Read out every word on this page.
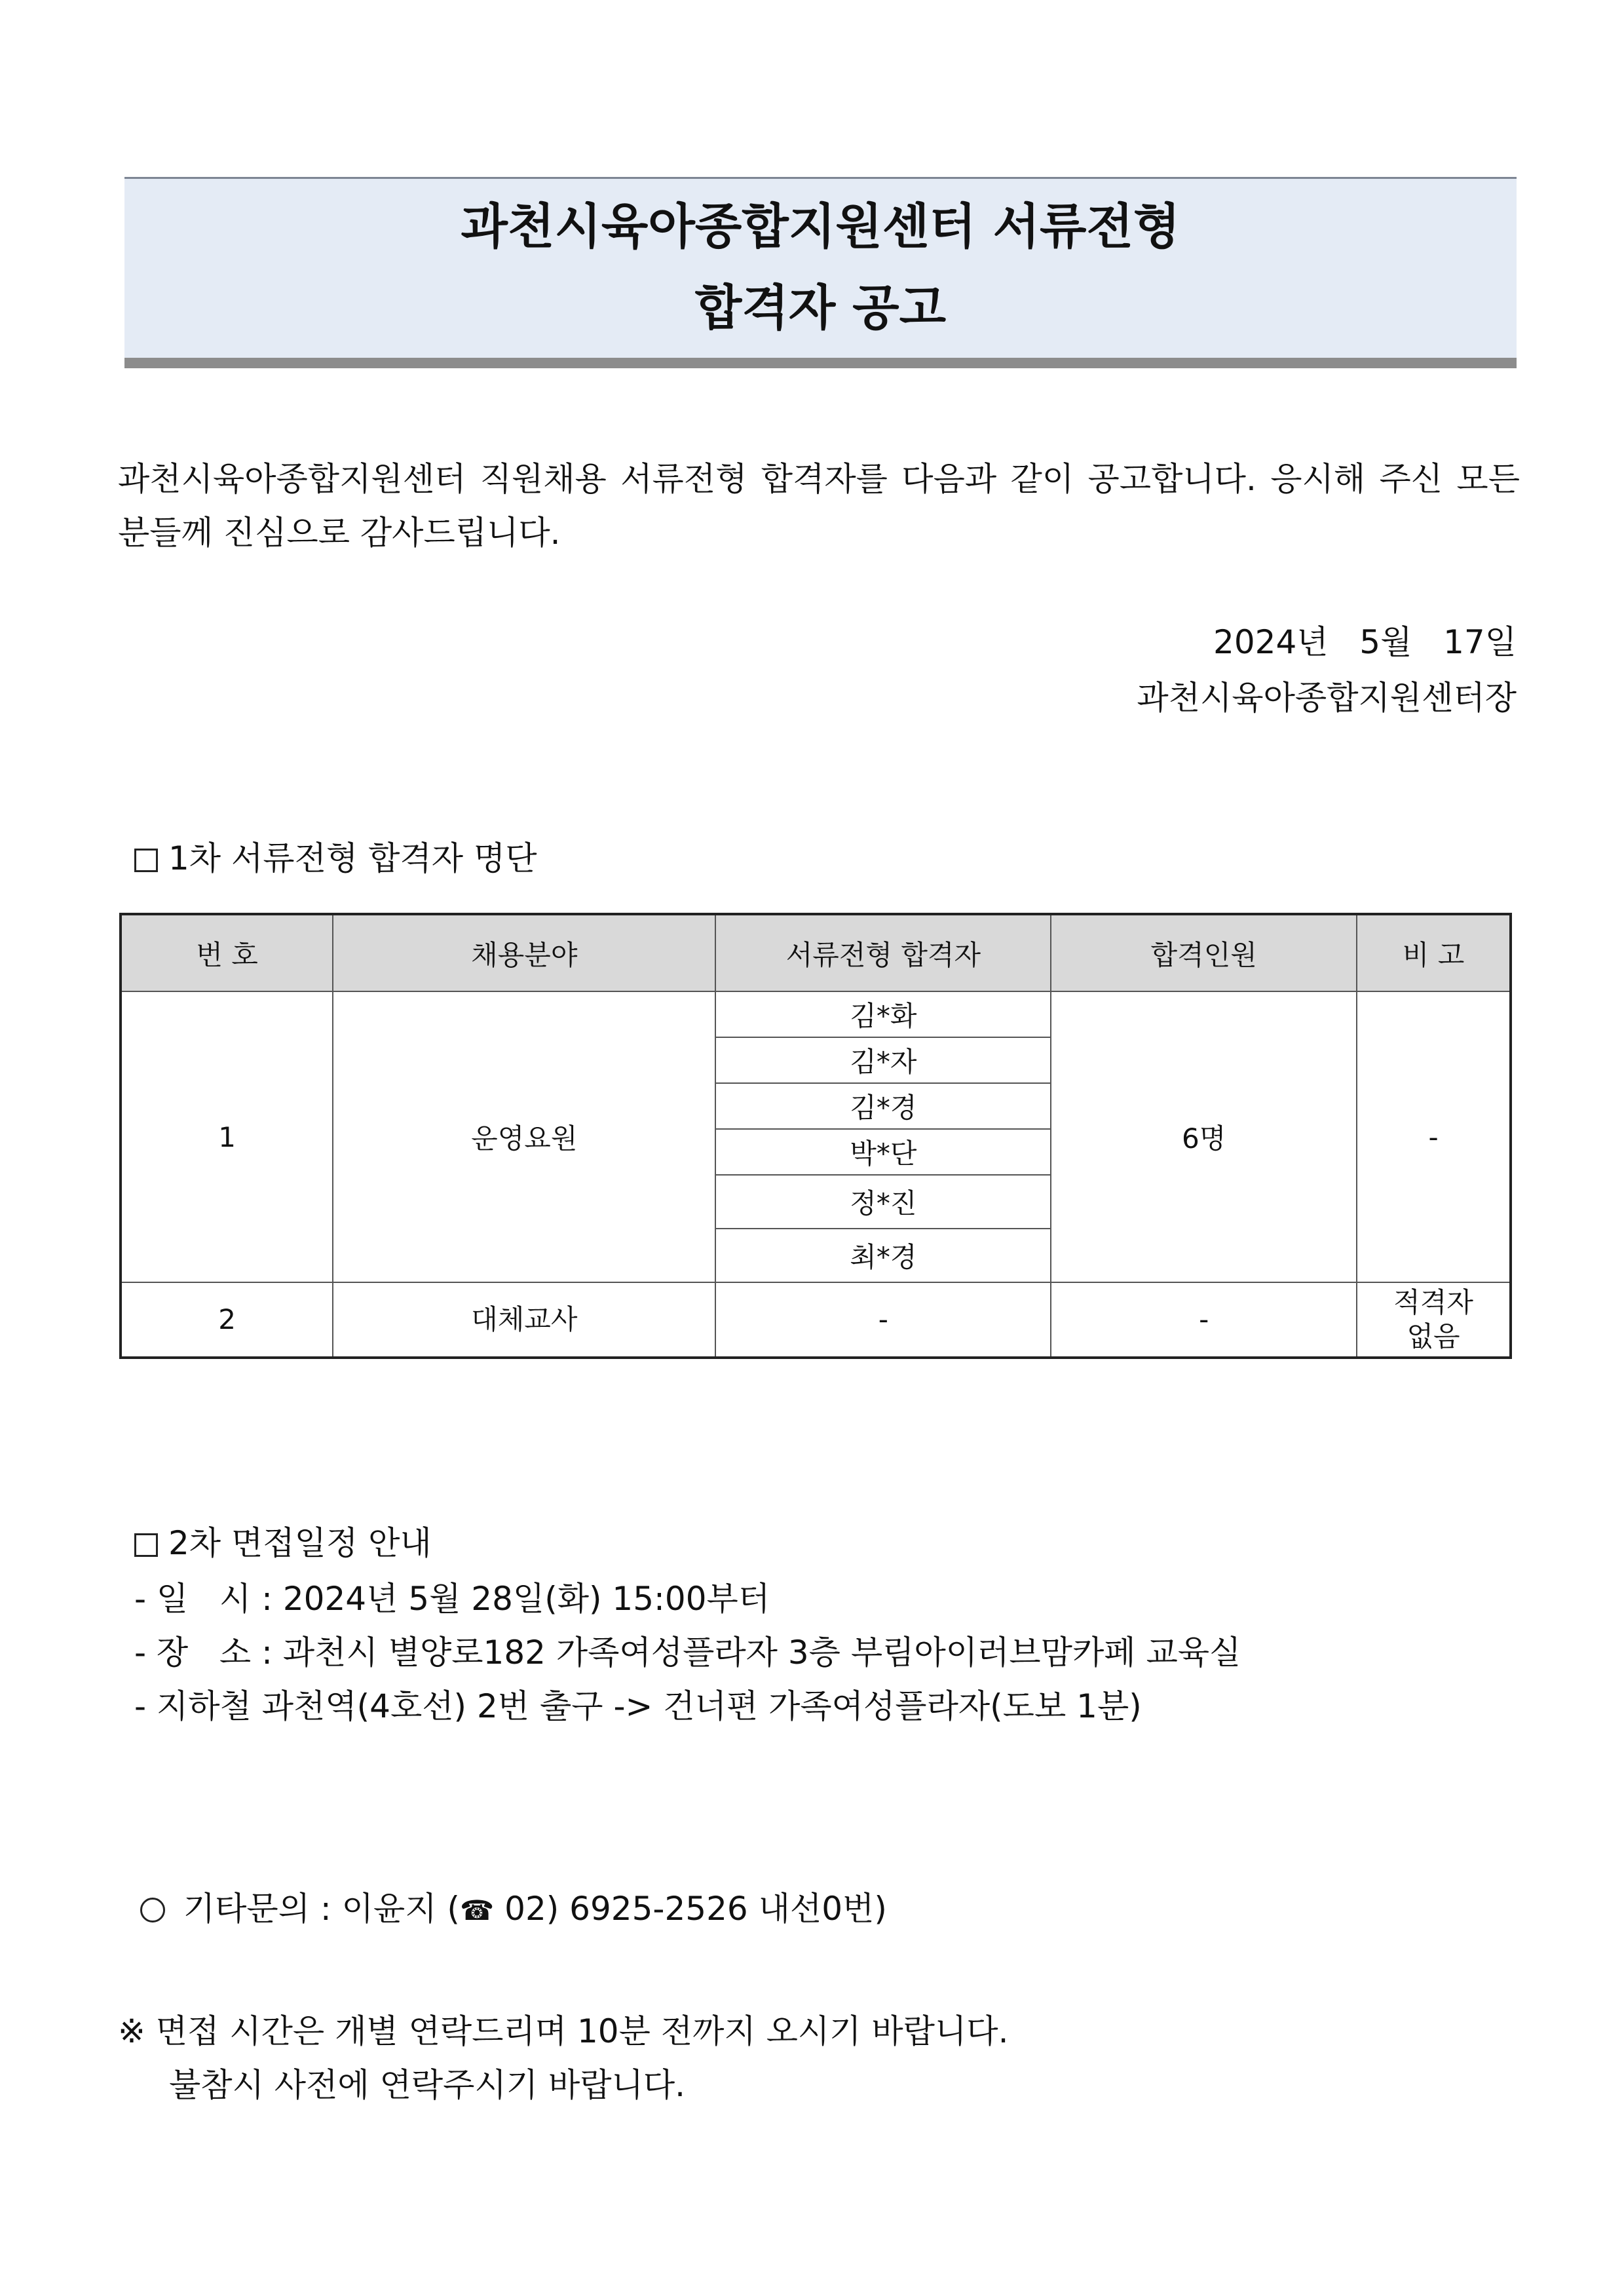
과천시육아종합지원센터 서류전형
합격자 공고
과천시육아종합지원센터 직원채용 서류전형 합격자를 다음과 같이 공고합니다. 응시해 주신 모든 분들께 진심으로 감사드립니다.
2024년   5월   17일
과천시육아종합지원센터장
1차 서류전형 합격자 명단
번 호	채용분야	서류전형 합격자	합격인원	비 고
1	운영요원	김*화	6명	-
		김*자		
		김*경		
		박*단		
		정*진		
		최*경		
2	대체교사	-	-	적격자
없음
2차 면접일정 안내
- 일   시 : 2024년 5월 28일(화) 15:00부터
- 장   소 : 과천시 별양로182 가족여성플라자 3층 부림아이러브맘카페 교육실
- 지하철 과천역(4호선) 2번 출구 -> 건너편 가족여성플라자(도보 1분)

기타문의 : 이윤지 (☎ 02) 6925-2526 내선0번)

※ 면접 시간은 개별 연락드리며 10분 전까지 오시기 바랍니다.
불참시 사전에 연락주시기 바랍니다.
